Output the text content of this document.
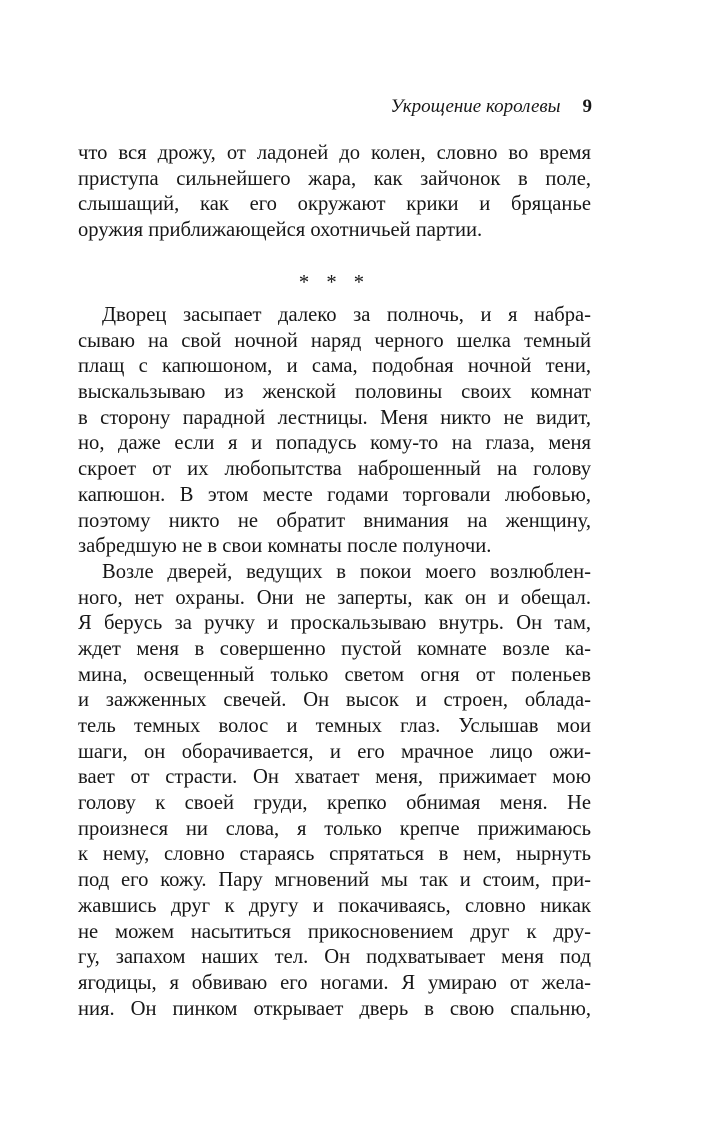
Укрощение королевы 9
что вся дрожу, от ладоней до колен, словно во время
приступа сильнейшего жара, как зайчонок в поле,
слышащий, как его окружают крики и бряцанье
оружия приближающейся охотничьей партии.
* * *
Дворец засыпает далеко за полночь, и я набра-
сываю на свой ночной наряд черного шелка темный
плащ с капюшоном, и сама, подобная ночной тени,
выскальзываю из женской половины своих комнат
в сторону парадной лестницы. Меня никто не видит,
но, даже если я и попадусь кому-то на глаза, меня
скроет от их любопытства наброшенный на голову
капюшон. В этом месте годами торговали любовью,
поэтому никто не обратит внимания на женщину,
забредшую не в свои комнаты после полуночи.
Возле дверей, ведущих в покои моего возлюблен-
ного, нет охраны. Они не заперты, как он и обещал.
Я берусь за ручку и проскальзываю внутрь. Он там,
ждет меня в совершенно пустой комнате возле ка-
мина, освещенный только светом огня от поленьев
и зажженных свечей. Он высок и строен, облада-
тель темных волос и темных глаз. Услышав мои
шаги, он оборачивается, и его мрачное лицо ожи-
вает от страсти. Он хватает меня, прижимает мою
голову к своей груди, крепко обнимая меня. Не
произнеся ни слова, я только крепче прижимаюсь
к нему, словно стараясь спрятаться в нем, нырнуть
под его кожу. Пару мгновений мы так и стоим, при-
жавшись друг к другу и покачиваясь, словно никак
не можем насытиться прикосновением друг к дру-
гу, запахом наших тел. Он подхватывает меня под
ягодицы, я обвиваю его ногами. Я умираю от жела-
ния. Он пинком открывает дверь в свою спальню,
